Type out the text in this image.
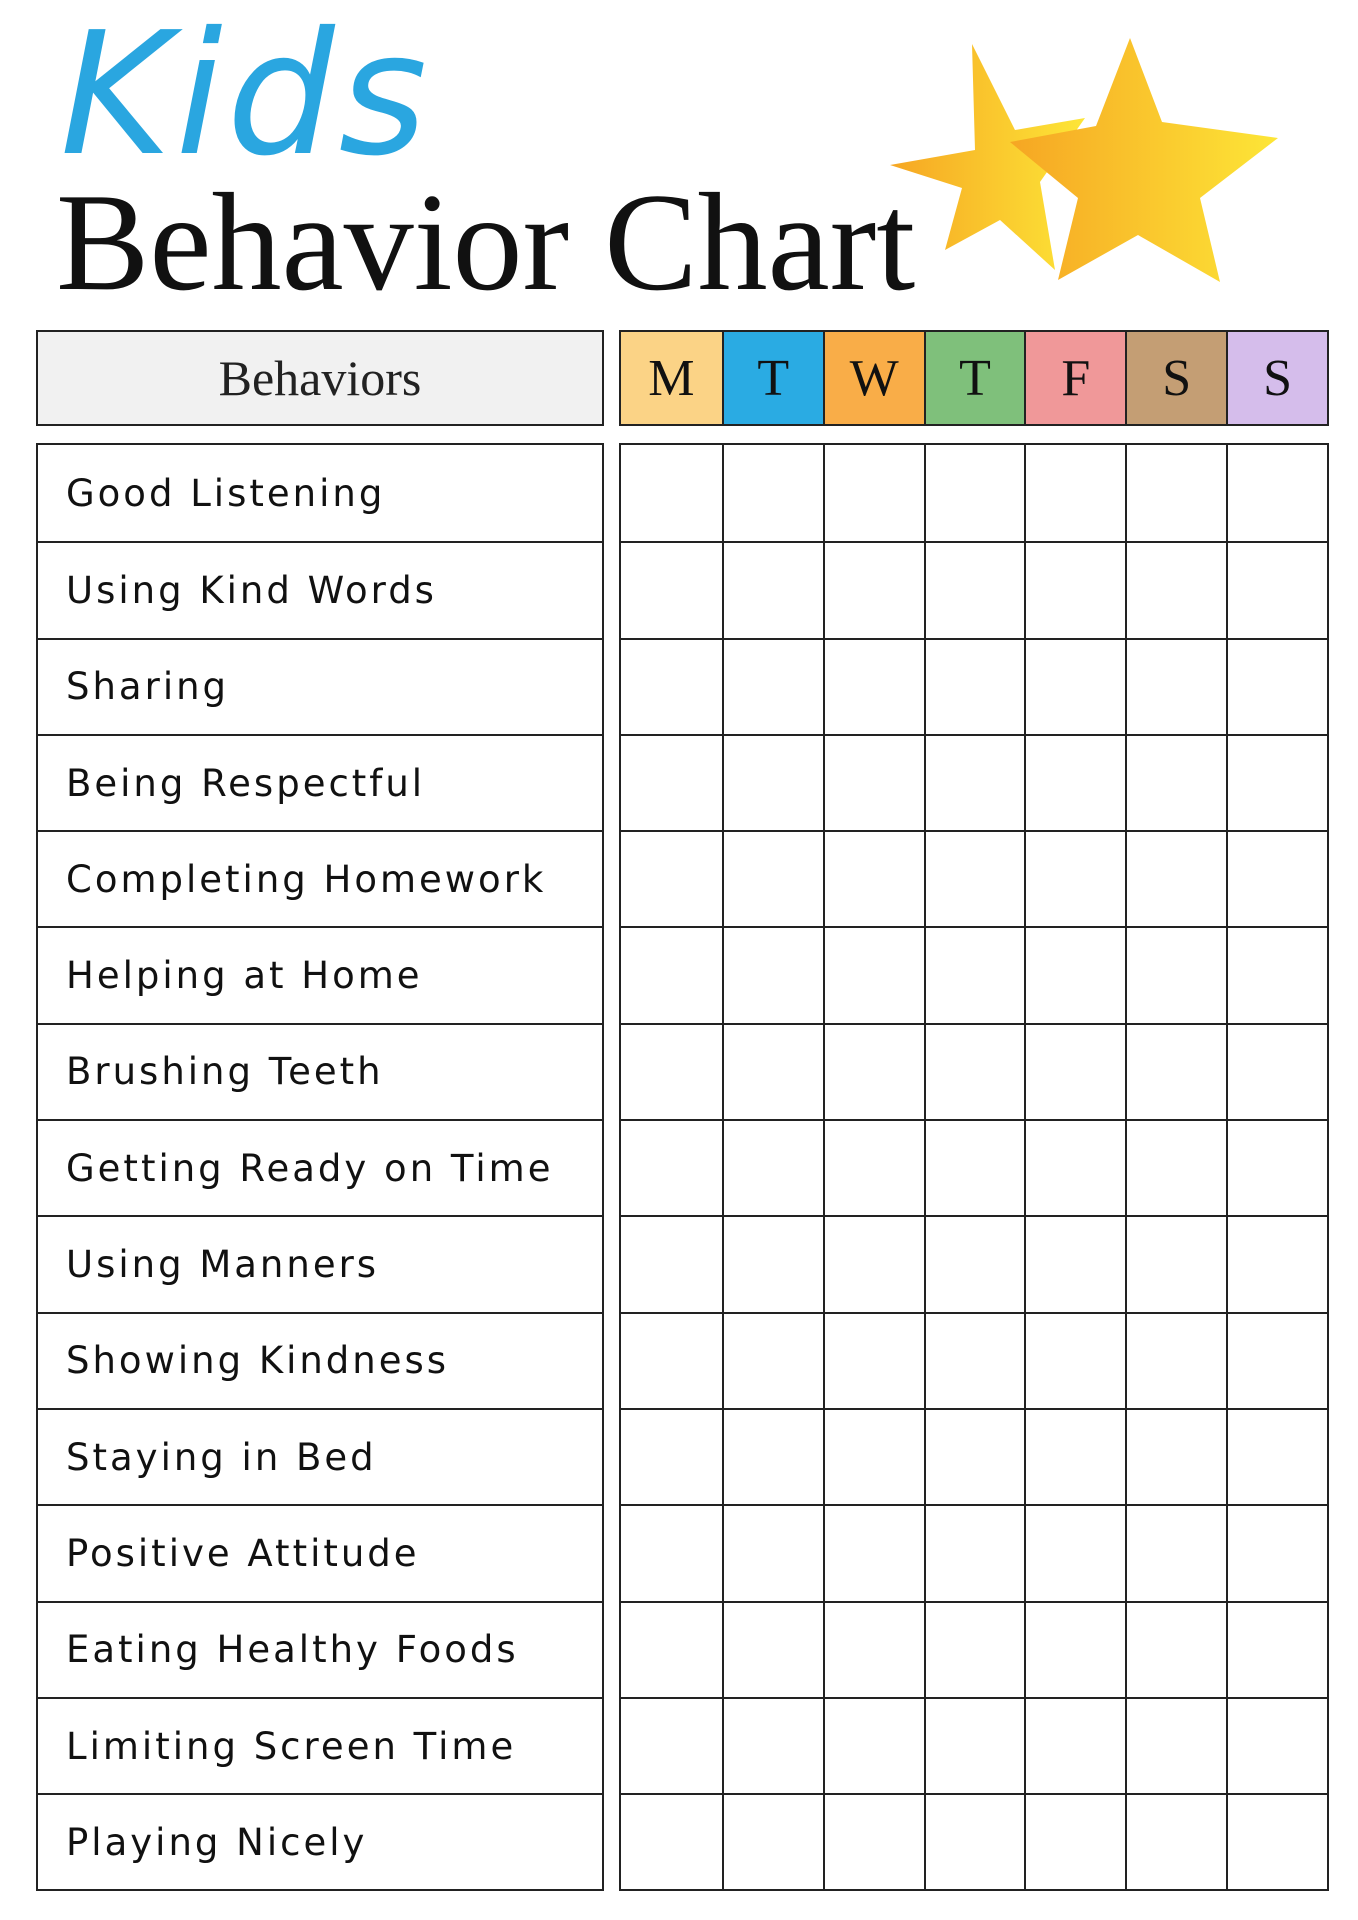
Kids
Behavior Chart
Behaviors	M	T	W	T	F	S	S
Good Listening
Using Kind Words
Sharing
Being Respectful
Completing Homework
Helping at Home
Brushing Teeth
Getting Ready on Time
Using Manners
Showing Kindness
Staying in Bed
Positive Attitude
Eating Healthy Foods
Limiting Screen Time
Playing Nicely
